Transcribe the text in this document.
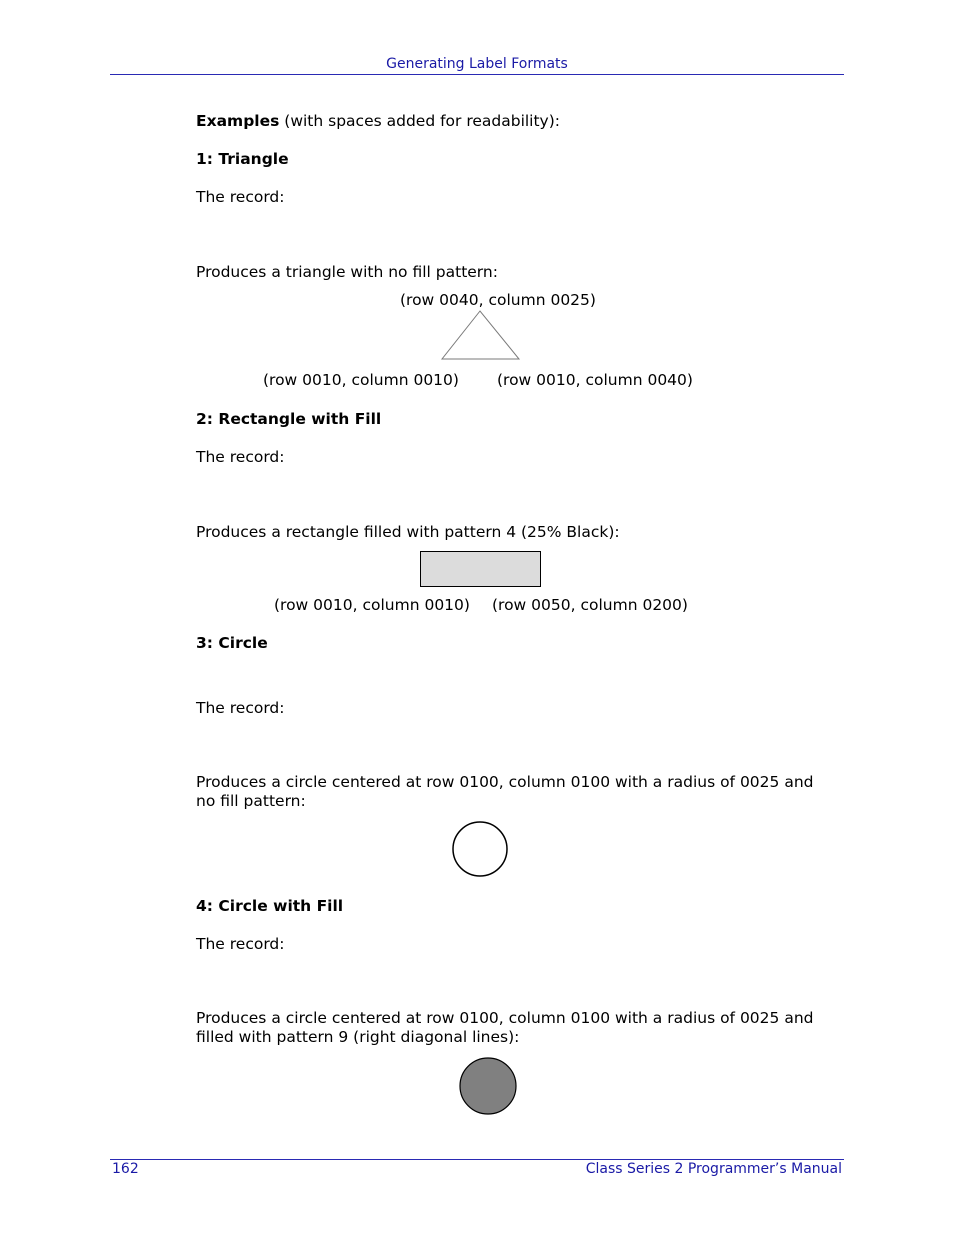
Generating Label Formats
Examples (with spaces added for readability):
1: Triangle
The record:
Produces a triangle with no fill pattern:
(row 0040, column 0025)
(row 0010, column 0010) (row 0010, column 0040)
2: Rectangle with Fill
The record:
Produces a rectangle filled with pattern 4 (25% Black):
(row 0010, column 0010) (row 0050, column 0200)
3: Circle
The record:
Produces a circle centered at row 0100, column 0100 with a radius of 0025 and
no fill pattern:
4: Circle with Fill
The record:
Produces a circle centered at row 0100, column 0100 with a radius of 0025 and
filled with pattern 9 (right diagonal lines):
162	Class Series 2 Programmer’s Manual
